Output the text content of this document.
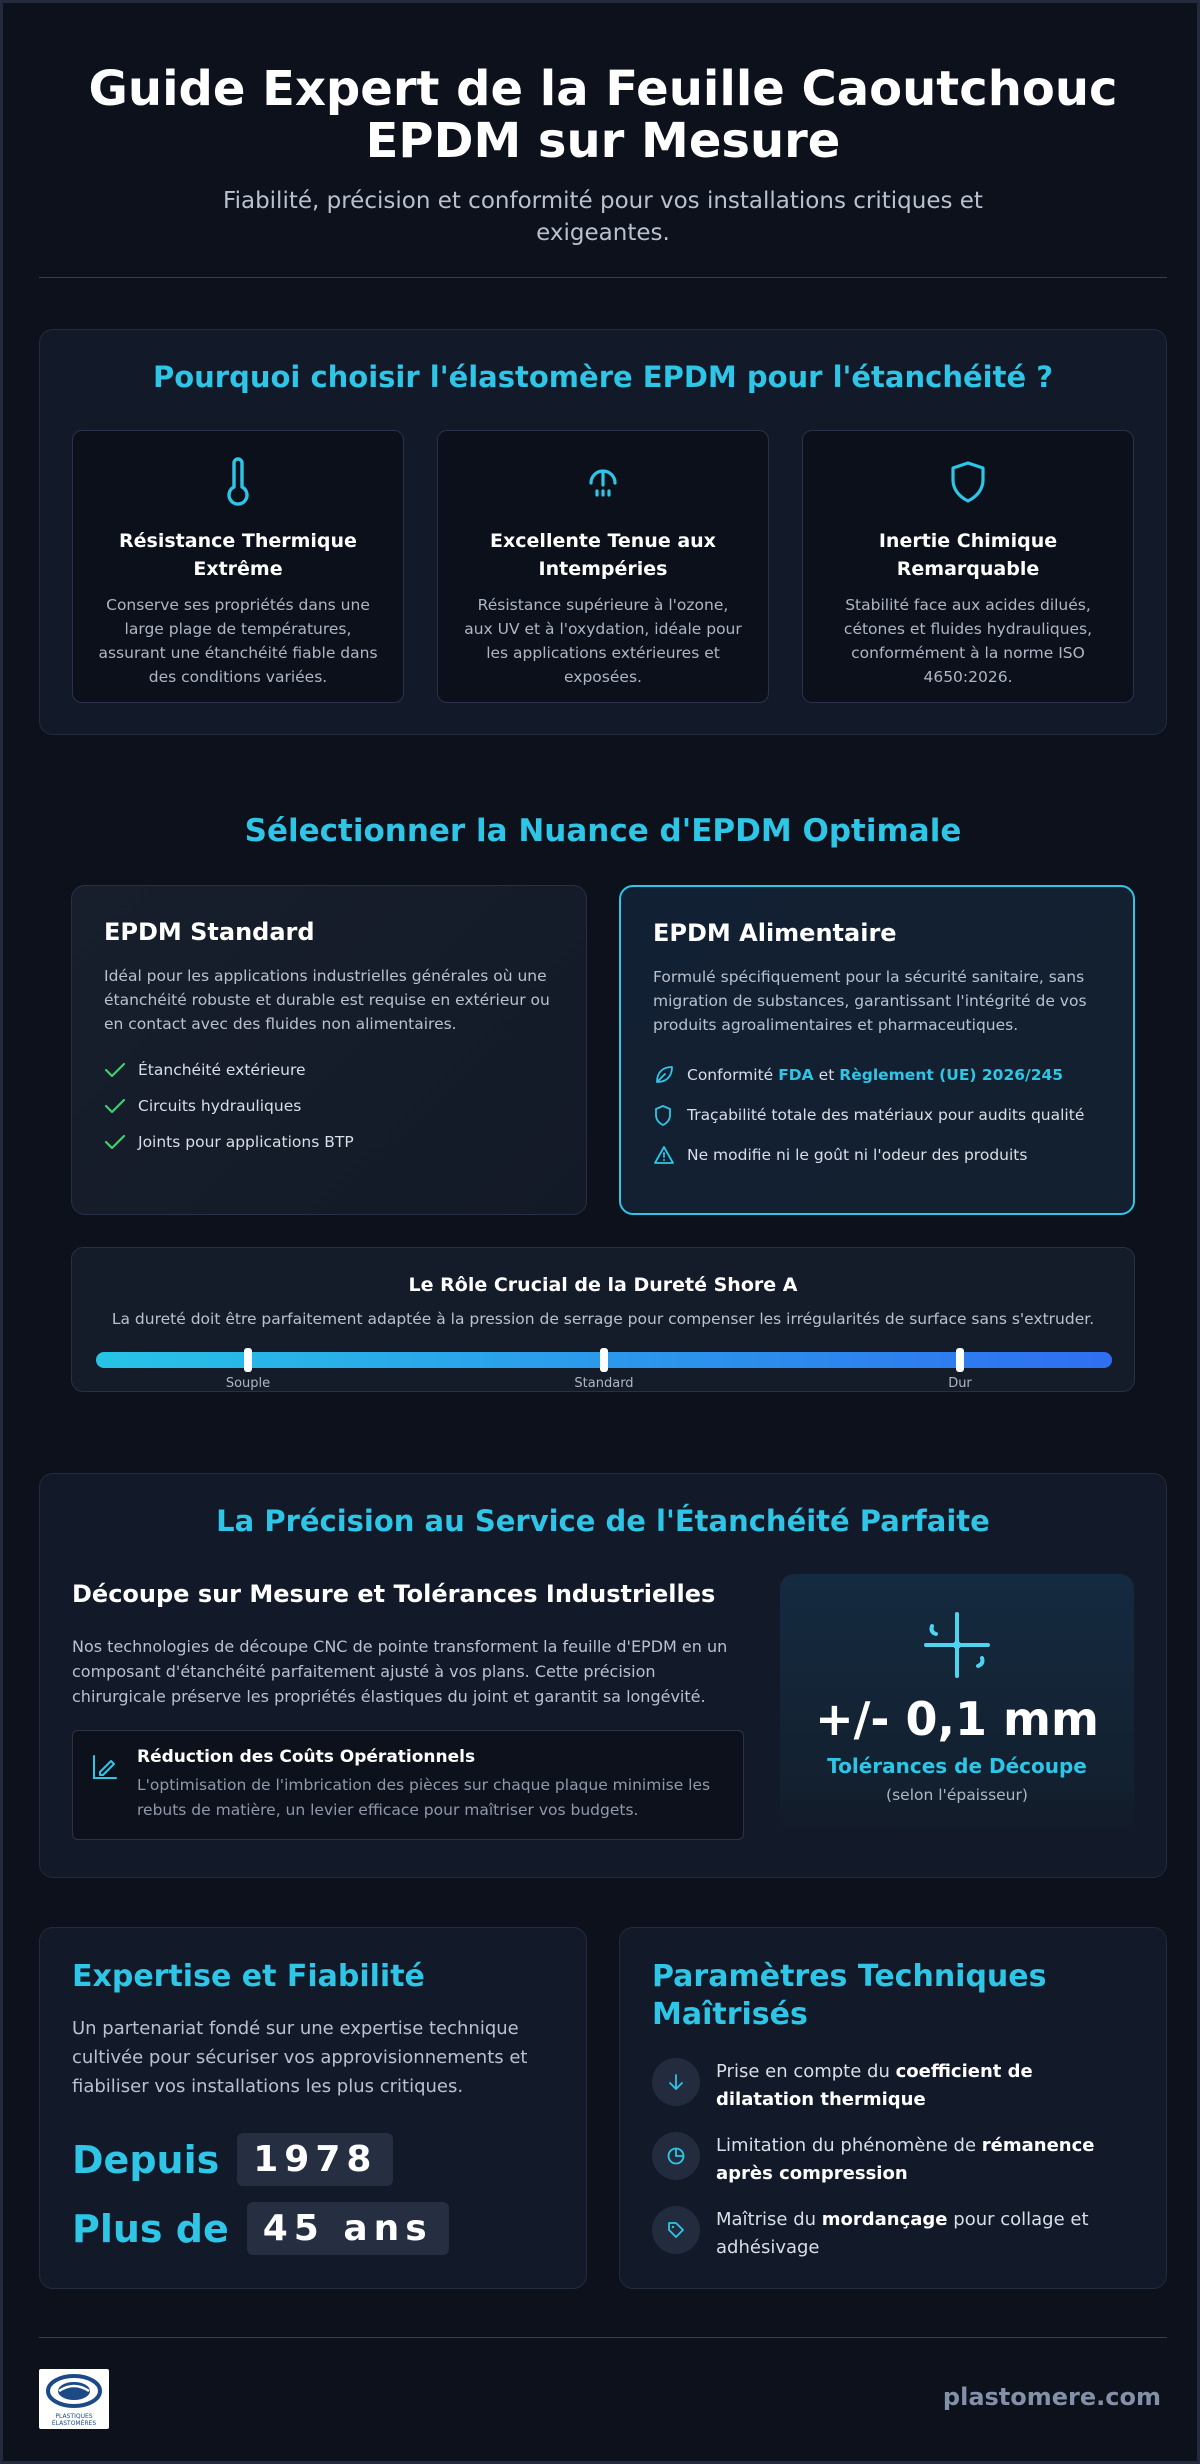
Guide Expert de la Feuille Caoutchouc EPDM sur Mesure

Fiabilité, précision et conformité pour vos installations critiques et exigeantes.

Pourquoi choisir l'élastomère EPDM pour l'étanchéité ?
Résistance Thermique Extrême

Conserve ses propriétés dans une large plage de températures, assurant une étanchéité fiable dans des conditions variées.

Excellente Tenue aux Intempéries

Résistance supérieure à l'ozone, aux UV et à l'oxydation, idéale pour les applications extérieures et exposées.

Inertie Chimique Remarquable

Stabilité face aux acides dilués, cétones et fluides hydrauliques, conformément à la norme ISO 4650:2026.

Sélectionner la Nuance d'EPDM Optimale
EPDM Standard

Idéal pour les applications industrielles générales où une étanchéité robuste et durable est requise en extérieur ou en contact avec des fluides non alimentaires.

Étanchéité extérieure
Circuits hydrauliques
Joints pour applications BTP
EPDM Alimentaire

Formulé spécifiquement pour la sécurité sanitaire, sans migration de substances, garantissant l'intégrité de vos produits agroalimentaires et pharmaceutiques.

Conformité FDA et Règlement (UE) 2026/245
Traçabilité totale des matériaux pour audits qualité
Ne modifie ni le goût ni l'odeur des produits
Le Rôle Crucial de la Dureté Shore A

La dureté doit être parfaitement adaptée à la pression de serrage pour compenser les irrégularités de surface sans s'extruder.

Souple	Standard	Dur
La Précision au Service de l'Étanchéité Parfaite
Découpe sur Mesure et Tolérances Industrielles

Nos technologies de découpe CNC de pointe transforment la feuille d'EPDM en un composant d'étanchéité parfaitement ajusté à vos plans. Cette précision chirurgicale préserve les propriétés élastiques du joint et garantit sa longévité.

Réduction des Coûts Opérationnels

L'optimisation de l'imbrication des pièces sur chaque plaque minimise les rebuts de matière, un levier efficace pour maîtriser vos budgets.

+/- 0,1 mm
Tolérances de Découpe
(selon l'épaisseur)
Expertise et Fiabilité

Un partenariat fondé sur une expertise technique cultivée pour sécuriser vos approvisionnements et fiabiliser vos installations les plus critiques.

Depuis 1978
Plus de 45 ans
Paramètres Techniques Maîtrisés
Prise en compte du coefficient de dilatation thermique
Limitation du phénomène de rémanence après compression
Maîtrise du mordançage pour collage et adhésivage
PLASTIQUES
ÉLASTOMÈRES
plastomere.com
